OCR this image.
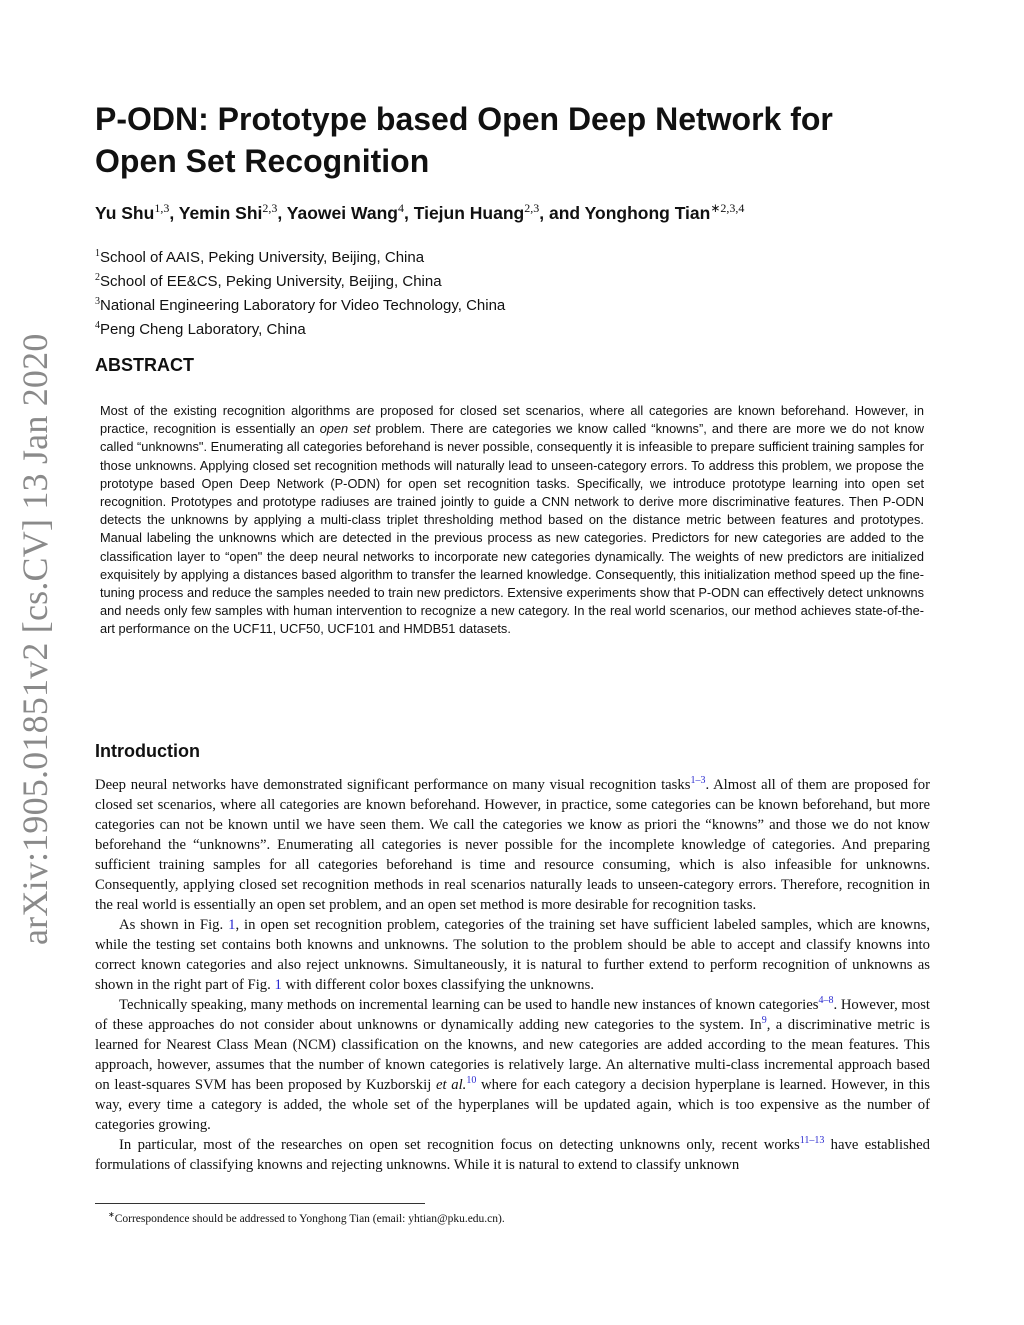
arXiv:1905.01851v2 [cs.CV] 13 Jan 2020
P-ODN: Prototype based Open Deep Network for Open Set Recognition
Yu Shu$^{1,3}$, Yemin Shi$^{2,3}$, Yaowei Wang$^4$, Tiejun Huang$^{2,3}$, and Yonghong Tian$^{∗2,3,4}$
$^1$School of AAIS, Peking University, Beijing, China
$^2$School of EE&CS, Peking University, Beijing, China
$^3$National Engineering Laboratory for Video Technology, China
$^4$Peng Cheng Laboratory, China
ABSTRACT
Most of the existing recognition algorithms are proposed for closed set scenarios, where all categories are known beforehand. However, in practice, recognition is essentially an open set problem. There are categories we know called “knowns”, and there are more we do not know called “unknowns". Enumerating all categories beforehand is never possible, consequently it is infeasible to prepare sufficient training samples for those unknowns. Applying closed set recognition methods will naturally lead to unseen-category errors. To address this problem, we propose the prototype based Open Deep Network (P-ODN) for open set recognition tasks. Specifically, we introduce prototype learning into open set recognition. Prototypes and prototype radiuses are trained jointly to guide a CNN network to derive more discriminative features. Then P-ODN detects the unknowns by applying a multi-class triplet thresholding method based on the distance metric between features and prototypes. Manual labeling the unknowns which are detected in the previous process as new categories. Predictors for new categories are added to the classification layer to “open" the deep neural networks to incorporate new categories dynamically. The weights of new predictors are initialized exquisitely by applying a distances based algorithm to transfer the learned knowledge. Consequently, this initialization method speed up the fine-tuning process and reduce the samples needed to train new predictors. Extensive experiments show that P-ODN can effectively detect unknowns and needs only few samples with human intervention to recognize a new category. In the real world scenarios, our method achieves state-of-the-art performance on the UCF11, UCF50, UCF101 and HMDB51 datasets.
Introduction

Deep neural networks have demonstrated significant performance on many visual recognition tasks$^{1-3}$. Almost all of them are proposed for closed set scenarios, where all categories are known beforehand. However, in practice, some categories can be known beforehand, but more categories can not be known until we have seen them. We call the categories we know as priori the “knowns” and those we do not know beforehand the “unknowns”. Enumerating all categories is never possible for the incomplete knowledge of categories. And preparing sufficient training samples for all categories beforehand is time and resource consuming, which is also infeasible for unknowns. Consequently, applying closed set recognition methods in real scenarios naturally leads to unseen-category errors. Therefore, recognition in the real world is essentially an open set problem, and an open set method is more desirable for recognition tasks.

As shown in Fig. 1, in open set recognition problem, categories of the training set have sufficient labeled samples, which are knowns, while the testing set contains both knowns and unknowns. The solution to the problem should be able to accept and classify knowns into correct known categories and also reject unknowns. Simultaneously, it is natural to further extend to perform recognition of unknowns as shown in the right part of Fig. 1 with different color boxes classifying the unknowns.

Technically speaking, many methods on incremental learning can be used to handle new instances of known categories$^{4-8}$. However, most of these approaches do not consider about unknowns or dynamically adding new categories to the system. In$^9$, a discriminative metric is learned for Nearest Class Mean (NCM) classification on the knowns, and new categories are added according to the mean features. This approach, however, assumes that the number of known categories is relatively large. An alternative multi-class incremental approach based on least-squares SVM has been proposed by Kuzborskij et al.$^{10}$ where for each category a decision hyperplane is learned. However, in this way, every time a category is added, the whole set of the hyperplanes will be updated again, which is too expensive as the number of categories growing.

In particular, most of the researches on open set recognition focus on detecting unknowns only, recent works$^{11-13}$ have established formulations of classifying knowns and rejecting unknowns. While it is natural to extend to classify unknown

∗Correspondence should be addressed to Yonghong Tian (email: yhtian@pku.edu.cn).
